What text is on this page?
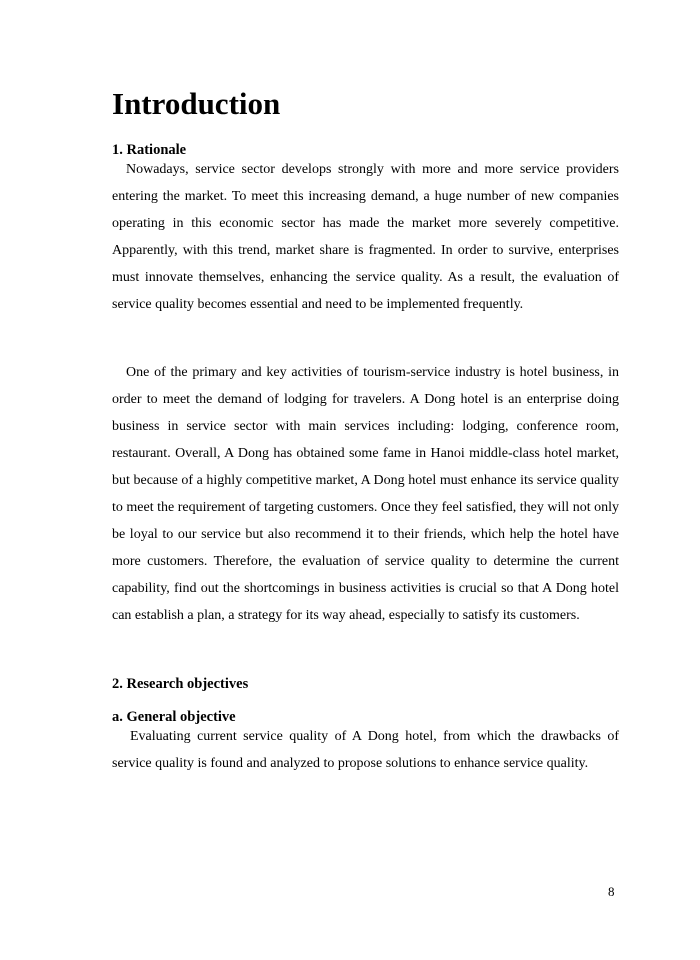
Introduction
1. Rationale

Nowadays, service sector develops strongly with more and more service providers entering the market. To meet this increasing demand, a huge number of new companies operating in this economic sector has made the market more severely competitive. Apparently, with this trend, market share is fragmented. In order to survive, enterprises must innovate themselves, enhancing the service quality. As a result, the evaluation of service quality becomes essential and need to be implemented frequently.

One of the primary and key activities of tourism-service industry is hotel business, in order to meet the demand of lodging for travelers. A Dong hotel is an enterprise doing business in service sector with main services including: lodging, conference room, restaurant. Overall, A Dong has obtained some fame in Hanoi middle-class hotel market, but because of a highly competitive market, A Dong hotel must enhance its service quality to meet the requirement of targeting customers. Once they feel satisfied, they will not only be loyal to our service but also recommend it to their friends, which help the hotel have more customers. Therefore, the evaluation of service quality to determine the current capability, find out the shortcomings in business activities is crucial so that A Dong hotel can establish a plan, a strategy for its way ahead, especially to satisfy its customers.

2. Research objectives
a. General objective

Evaluating current service quality of A Dong hotel, from which the drawbacks of service quality is found and analyzed to propose solutions to enhance service quality.

8
